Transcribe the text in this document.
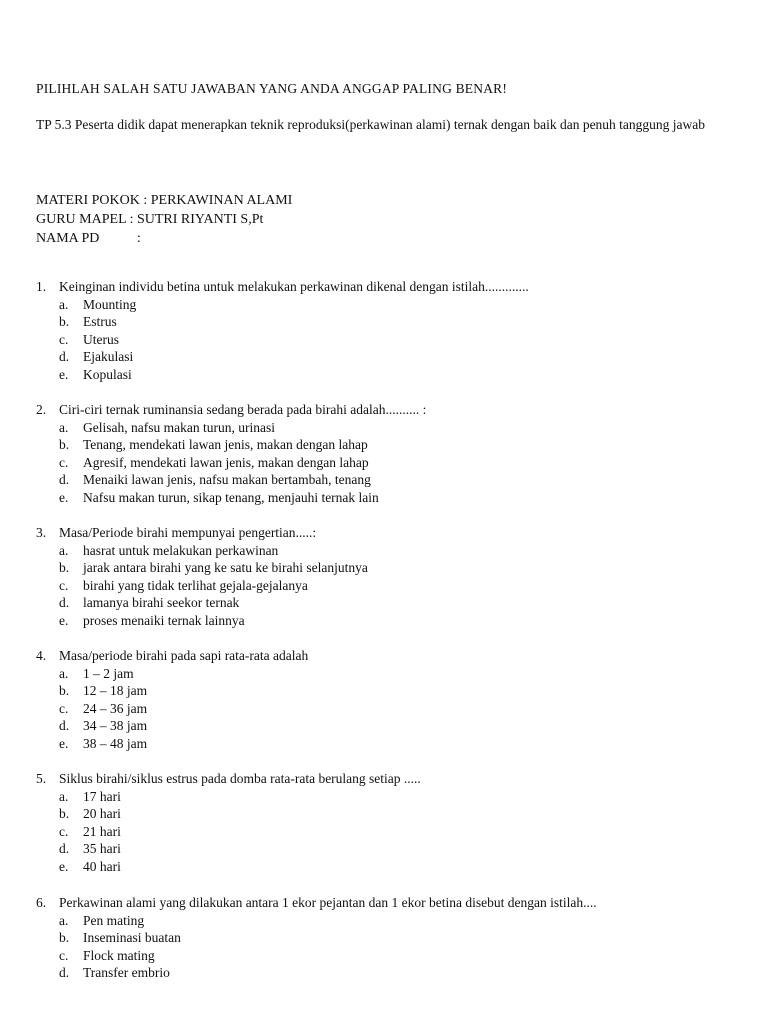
PILIHLAH SALAH SATU JAWABAN YANG ANDA ANGGAP PALING BENAR!
TP 5.3 Peserta didik dapat menerapkan teknik reproduksi(perkawinan alami) ternak dengan baik dan penuh tanggung jawab
MATERI POKOK : PERKAWINAN ALAMI
GURU MAPEL : SUTRI RIYANTI S,Pt
NAMA PD	:
1. Keinginan individu betina untuk melakukan perkawinan dikenal dengan istilah.............
a. Mounting
b. Estrus
c. Uterus
d. Ejakulasi
e. Kopulasi
2. Ciri-ciri ternak ruminansia sedang berada pada birahi adalah.......... :
a. Gelisah, nafsu makan turun, urinasi
b. Tenang, mendekati lawan jenis, makan dengan lahap
c. Agresif, mendekati lawan jenis, makan dengan lahap
d. Menaiki lawan jenis, nafsu makan bertambah, tenang
e. Nafsu makan turun, sikap tenang, menjauhi ternak lain
3. Masa/Periode birahi mempunyai pengertian.....:
a. hasrat untuk melakukan perkawinan
b. jarak antara birahi yang ke satu ke birahi selanjutnya
c. birahi yang tidak terlihat gejala-gejalanya
d. lamanya birahi seekor ternak
e. proses menaiki ternak lainnya
4. Masa/periode birahi pada sapi rata-rata adalah
a. 1 – 2 jam
b. 12 – 18 jam
c. 24 – 36 jam
d. 34 – 38 jam
e. 38 – 48 jam
5. Siklus birahi/siklus estrus pada domba rata-rata berulang setiap .....
a. 17 hari
b. 20 hari
c. 21 hari
d. 35 hari
e. 40 hari
6. Perkawinan alami yang dilakukan antara 1 ekor pejantan dan 1 ekor betina disebut dengan istilah....
a. Pen mating
b. Inseminasi buatan
c. Flock mating
d. Transfer embrio
